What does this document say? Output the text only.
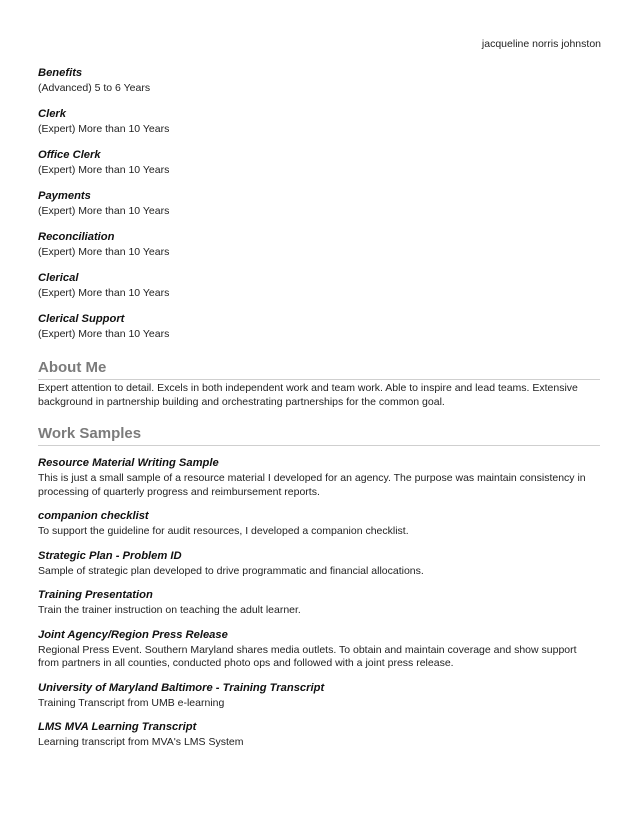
jacqueline norris johnston
Benefits
(Advanced) 5 to 6 Years
Clerk
(Expert) More than 10 Years
Office Clerk
(Expert) More than 10 Years
Payments
(Expert) More than 10 Years
Reconciliation
(Expert) More than 10 Years
Clerical
(Expert) More than 10 Years
Clerical Support
(Expert) More than 10 Years
About Me
Expert attention to detail. Excels in both independent work and team work. Able to inspire and lead teams. Extensive background in partnership building and orchestrating partnerships for the common goal.
Work Samples
Resource Material Writing Sample
This is just a small sample of a resource material I developed for an agency. The purpose was maintain consistency in processing of quarterly progress and reimbursement reports.
companion checklist
To support the guideline for audit resources, I developed a companion checklist.
Strategic Plan - Problem ID
Sample of strategic plan developed to drive programmatic and financial allocations.
Training Presentation
Train the trainer instruction on teaching the adult learner.
Joint Agency/Region Press Release
Regional Press Event. Southern Maryland shares media outlets. To obtain and maintain coverage and show support from partners in all counties, conducted photo ops and followed with a joint press release.
University of Maryland Baltimore - Training Transcript
Training Transcript from UMB e-learning
LMS MVA Learning Transcript
Learning transcript from MVA's LMS System
